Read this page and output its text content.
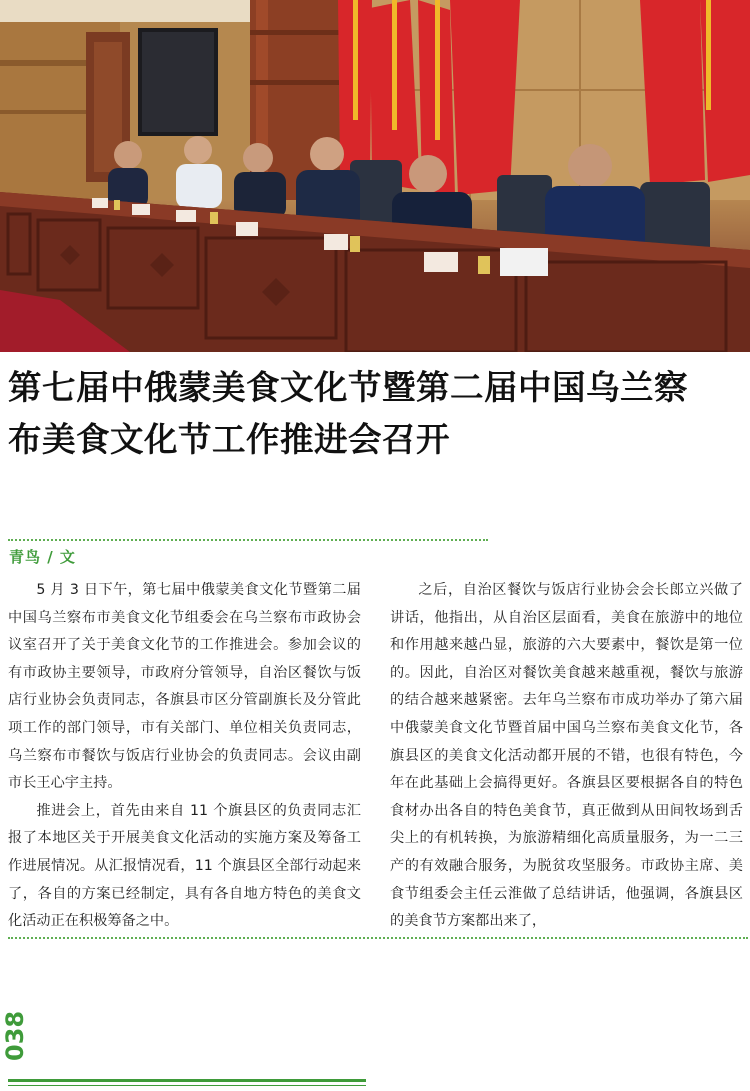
第七届中俄蒙美食文化节暨第二届中国乌兰察
布美食文化节工作推进会召开
青鸟 / 文

5 月 3 日下午，第七届中俄蒙美食文化节暨第二届中国乌兰察布市美食文化节组委会在乌兰察布市政协会议室召开了关于美食文化节的工作推进会。参加会议的有市政协主要领导，市政府分管领导，自治区餐饮与饭店行业协会负责同志，各旗县市区分管副旗长及分管此项工作的部门领导，市有关部门、单位相关负责同志，乌兰察布市餐饮与饭店行业协会的负责同志。会议由副市长王心宇主持。

推进会上，首先由来自 11 个旗县区的负责同志汇报了本地区关于开展美食文化活动的实施方案及筹备工作进展情况。从汇报情况看，11 个旗县区全部行动起来了，各自的方案已经制定，具有各自地方特色的美食文化活动正在积极筹备之中。

之后，自治区餐饮与饭店行业协会会长郎立兴做了讲话，他指出，从自治区层面看，美食在旅游中的地位和作用越来越凸显，旅游的六大要素中，餐饮是第一位的。因此，自治区对餐饮美食越来越重视，餐饮与旅游的结合越来越紧密。去年乌兰察布市成功举办了第六届中俄蒙美食文化节暨首届中国乌兰察布美食文化节，各旗县区的美食文化活动都开展的不错，也很有特色，今年在此基础上会搞得更好。各旗县区要根据各自的特色食材办出各自的特色美食节，真正做到从田间牧场到舌尖上的有机转换，为旅游精细化高质量服务，为一二三产的有效融合服务，为脱贫攻坚服务。市政协主席、美食节组委会主任云淮做了总结讲话，他强调，各旗县区的美食节方案都出来了，

038
